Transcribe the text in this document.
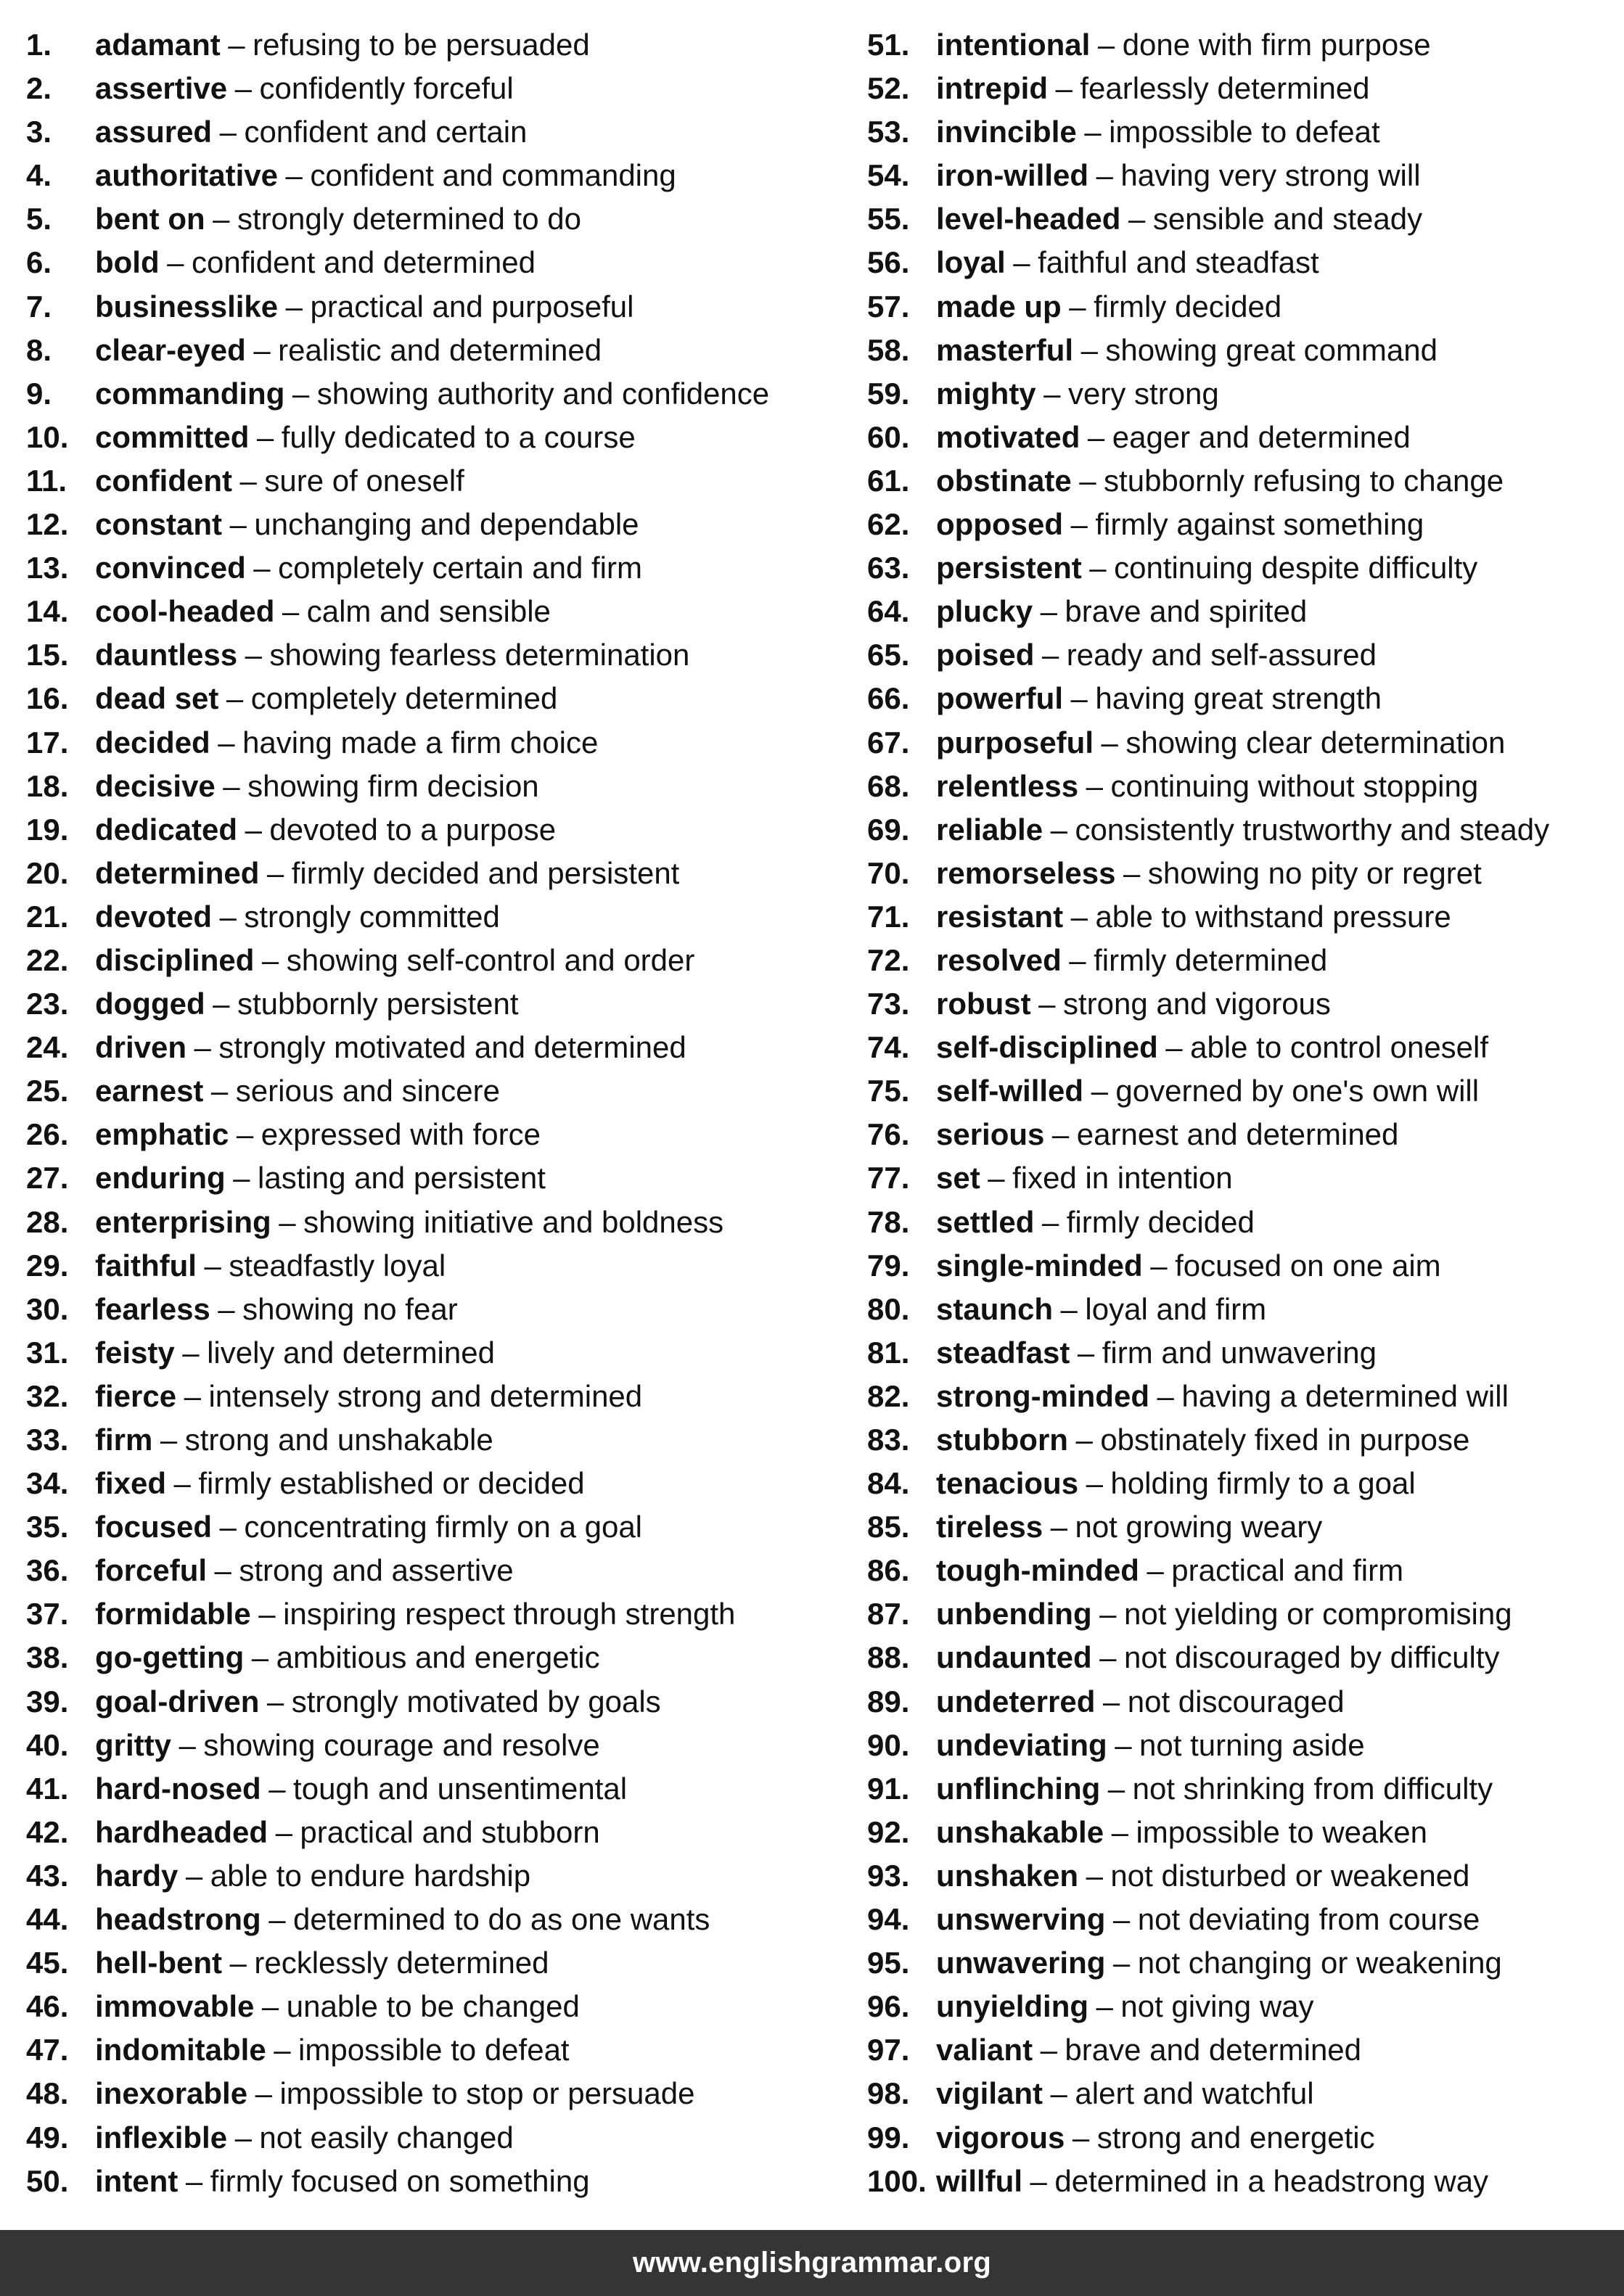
1.	adamant – refusing to be persuaded
2.	assertive – confidently forceful
3.	assured – confident and certain
4.	authoritative – confident and commanding
5.	bent on – strongly determined to do
6.	bold – confident and determined
7.	businesslike – practical and purposeful
8.	clear-eyed – realistic and determined
9.	commanding – showing authority and confidence
10. committed – fully dedicated to a course
11. confident – sure of oneself
12. constant – unchanging and dependable
13. convinced – completely certain and firm
14. cool-headed – calm and sensible
15. dauntless – showing fearless determination
16. dead set – completely determined
17. decided – having made a firm choice
18. decisive – showing firm decision
19. dedicated – devoted to a purpose
20. determined – firmly decided and persistent
21. devoted – strongly committed
22. disciplined – showing self-control and order
23. dogged – stubbornly persistent
24. driven – strongly motivated and determined
25. earnest – serious and sincere
26. emphatic – expressed with force
27. enduring – lasting and persistent
28. enterprising – showing initiative and boldness
29. faithful – steadfastly loyal
30. fearless – showing no fear
31. feisty – lively and determined
32. fierce – intensely strong and determined
33. firm – strong and unshakable
34. fixed – firmly established or decided
35. focused – concentrating firmly on a goal
36. forceful – strong and assertive
37. formidable – inspiring respect through strength
38. go-getting – ambitious and energetic
39. goal-driven – strongly motivated by goals
40. gritty – showing courage and resolve
41. hard-nosed – tough and unsentimental
42. hardheaded – practical and stubborn
43. hardy – able to endure hardship
44. headstrong – determined to do as one wants
45. hell-bent – recklessly determined
46. immovable – unable to be changed
47. indomitable – impossible to defeat
48. inexorable – impossible to stop or persuade
49. inflexible – not easily changed
50. intent – firmly focused on something
51. intentional – done with firm purpose
52. intrepid – fearlessly determined
53. invincible – impossible to defeat
54. iron-willed – having very strong will
55. level-headed – sensible and steady
56. loyal – faithful and steadfast
57. made up – firmly decided
58. masterful – showing great command
59. mighty – very strong
60. motivated – eager and determined
61. obstinate – stubbornly refusing to change
62. opposed – firmly against something
63. persistent – continuing despite difficulty
64. plucky – brave and spirited
65. poised – ready and self-assured
66. powerful – having great strength
67. purposeful – showing clear determination
68. relentless – continuing without stopping
69. reliable – consistently trustworthy and steady
70. remorseless – showing no pity or regret
71. resistant – able to withstand pressure
72. resolved – firmly determined
73. robust – strong and vigorous
74. self-disciplined – able to control oneself
75. self-willed – governed by one's own will
76. serious – earnest and determined
77. set – fixed in intention
78. settled – firmly decided
79. single-minded – focused on one aim
80. staunch – loyal and firm
81. steadfast – firm and unwavering
82. strong-minded – having a determined will
83. stubborn – obstinately fixed in purpose
84. tenacious – holding firmly to a goal
85. tireless – not growing weary
86. tough-minded – practical and firm
87. unbending – not yielding or compromising
88. undaunted – not discouraged by difficulty
89. undeterred – not discouraged
90. undeviating – not turning aside
91. unflinching – not shrinking from difficulty
92. unshakable – impossible to weaken
93. unshaken – not disturbed or weakened
94. unswerving – not deviating from course
95. unwavering – not changing or weakening
96. unyielding – not giving way
97. valiant – brave and determined
98. vigilant – alert and watchful
99. vigorous – strong and energetic
100. willful – determined in a headstrong way
www.englishgrammar.org
